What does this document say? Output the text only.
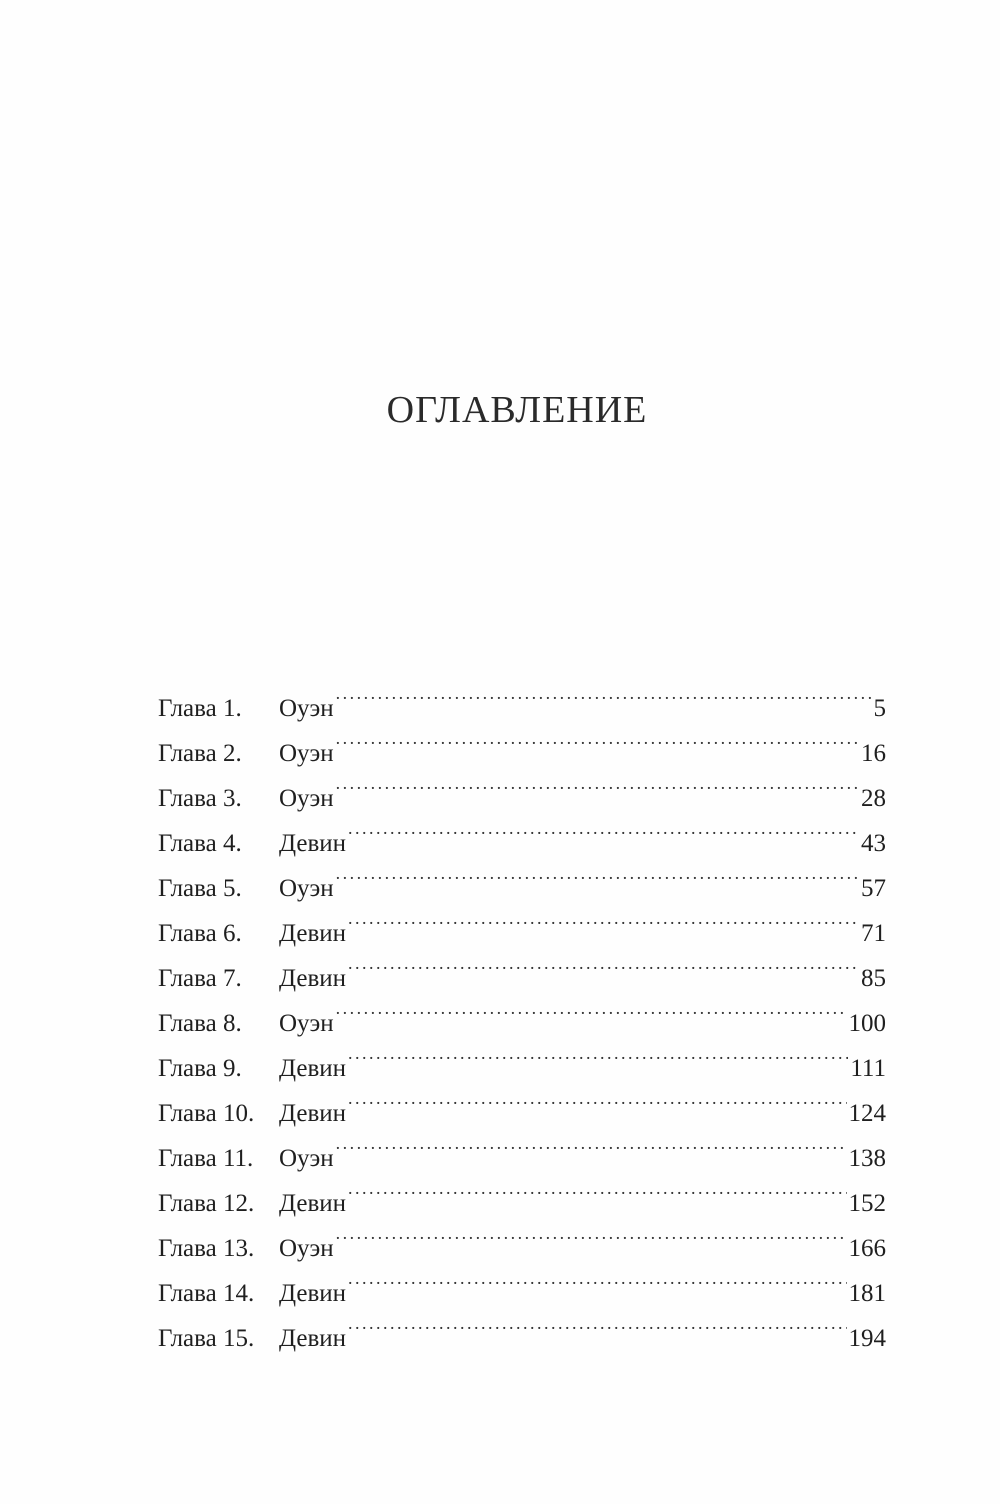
ОГЛАВЛЕНИЕ
Глава 1.	Оуэн . . .	5
Глава 2.	Оуэн . . .	16
Глава 3.	Оуэн . . .	28
Глава 4.	Девин . . .	43
Глава 5.	Оуэн . . .	57
Глава 6.	Девин . . .	71
Глава 7.	Девин . . .	85
Глава 8.	Оуэн . . .	100
Глава 9.	Девин . . .	111
Глава 10. Девин . . .	124
Глава 11.	Оуэн . . .	138
Глава 12. Девин . . .	152
Глава 13. Оуэн . . .	166
Глава 14. Девин . . .	181
Глава 15. Девин . . .	194
